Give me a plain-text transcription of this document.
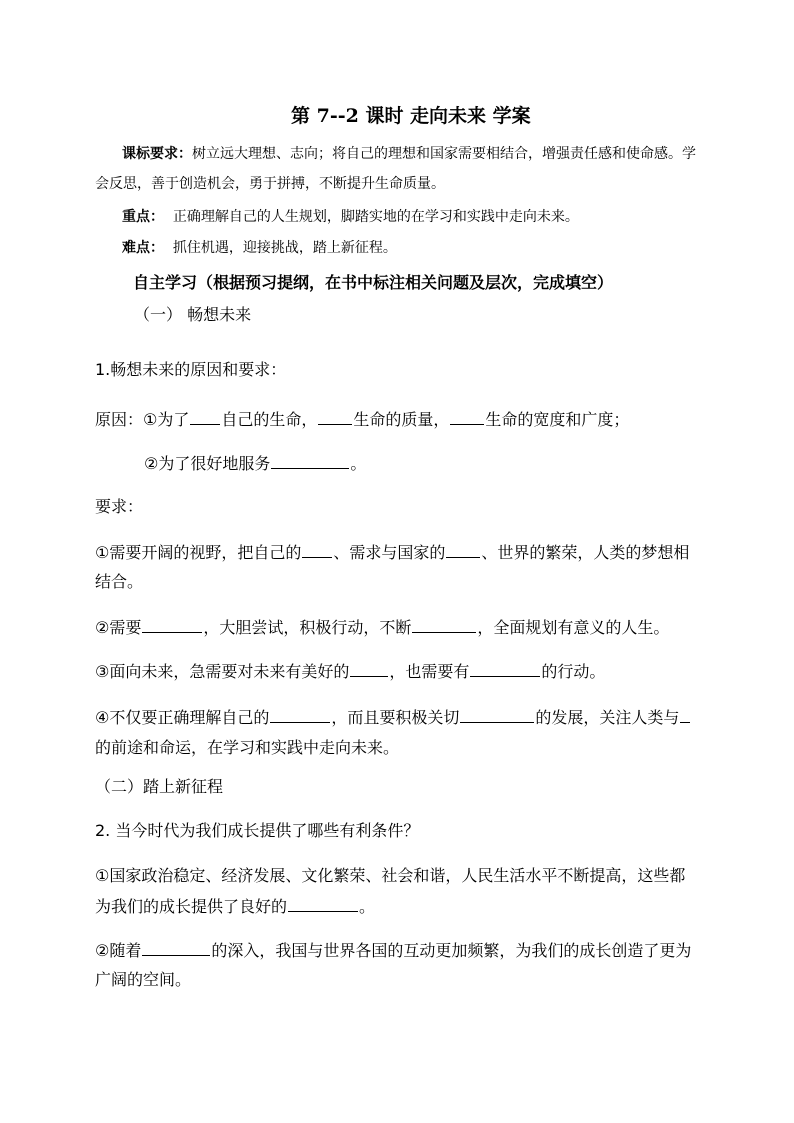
第 7--2 课时 走向未来 学案
课标要求：树立远大理想、志向；将自己的理想和国家需要相结合，增强责任感和使命感。学
会反思，善于创造机会，勇于拼搏，不断提升生命质量。
重点： 正确理解自己的人生规划，脚踏实地的在学习和实践中走向未来。
难点： 抓住机遇，迎接挑战，踏上新征程。
自主学习（根据预习提纲，在书中标注相关问题及层次，完成填空）
（一） 畅想未来
1.畅想未来的原因和要求：
原因：①为了 自己的生命， 生命的质量， 生命的宽度和广度；
②为了很好地服务	。
要求：
①需要开阔的视野，把自己的 、需求与国家的 、世界的繁荣，人类的梦想相
结合。
②需要	，大胆尝试，积极行动，不断	，全面规划有意义的人生。
③面向未来，急需要对未来有美好的	，也需要有	的行动。
④不仅要正确理解自己的	，而且要积极关切	的发展，关注人类与
的前途和命运，在学习和实践中走向未来。
（二）踏上新征程
2. 当今时代为我们成长提供了哪些有利条件？
①国家政治稳定、经济发展、文化繁荣、社会和谐，人民生活水平不断提高，这些都
为我们的成长提供了良好的	。
②随着	的深入，我国与世界各国的互动更加频繁，为我们的成长创造了更为
广阔的空间。
